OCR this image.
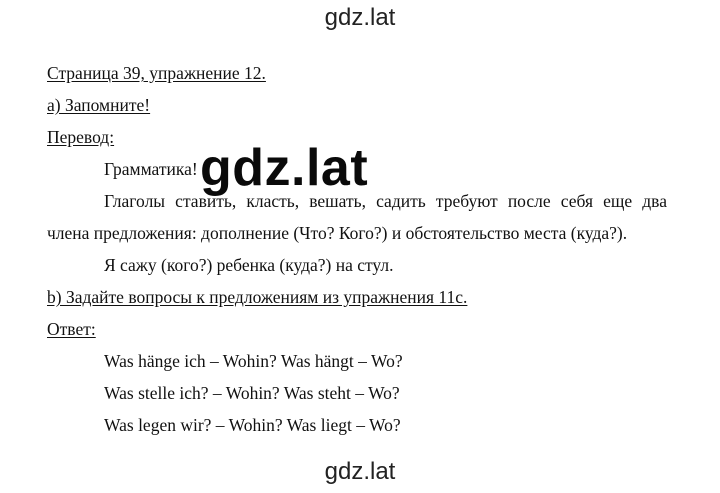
gdz.lat
Страница 39, упражнение 12.
a) Запомните!
Перевод:
Грамматика!
Глаголы ставить, класть, вешать, садить требуют после себя еще два
члена предложения: дополнение (Что? Кого?) и обстоятельство места (куда?).
Я сажу (кого?) ребенка (куда?) на стул.
b) Задайте вопросы к предложениям из упражнения 11c.
Ответ:
Was hänge ich – Wohin? Was hängt – Wo?
Was stelle ich? – Wohin? Was steht – Wo?
Was legen wir? – Wohin? Was liegt – Wo?
gdz.lat
gdz.lat
